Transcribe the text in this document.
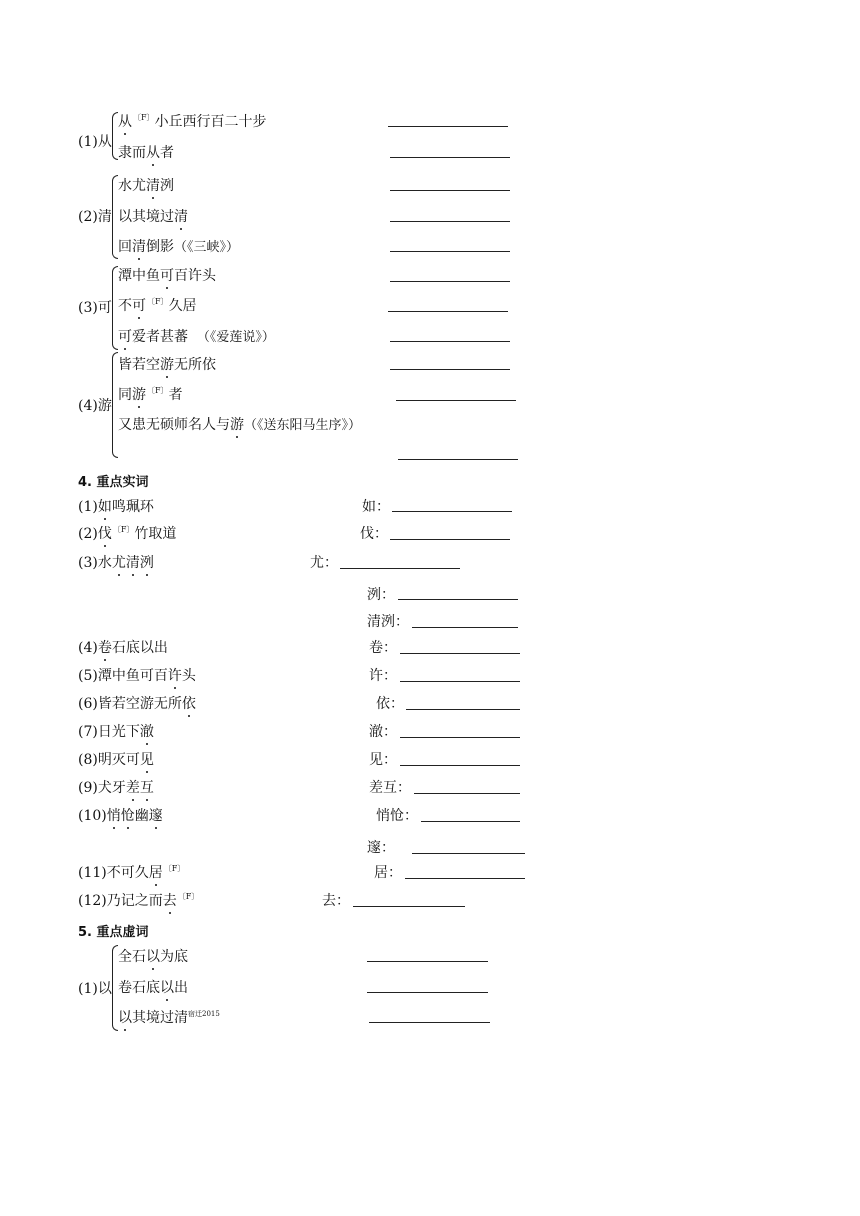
(1)从
从$^{〔F〕}$小丘西行百二十步
隶而从者
(2)清
水尤清洌
以其境过清
回清倒影（《三峡》）
(3)可
潭中鱼可百许头
不可$^{〔F〕}$久居
可爱者甚蕃 （《爱莲说》）
(4)游
皆若空游无所依
同游$^{〔F〕}$者
又患无硕师名人与游（《送东阳马生序》）
4. 重点实词
(1)如鸣珮环	如：
(2)伐$^{〔F〕}$竹取道	伐：
(3)水尤清洌	尤：
洌：
清洌：
(4)卷石底以出	卷：
(5)潭中鱼可百许头	许：
(6)皆若空游无所依	依：
(7)日光下澈	澈：
(8)明灭可见	见：
(9)犬牙差互	差互：
(10)悄怆幽邃	悄怆：
邃：
(11)不可久居$^{〔F〕}$	居：
(12)乃记之而去$^{〔F〕}$	去：
5. 重点虚词
(1)以
全石以为底
卷石底以出
以其境过清$^{宿迁2015}$
